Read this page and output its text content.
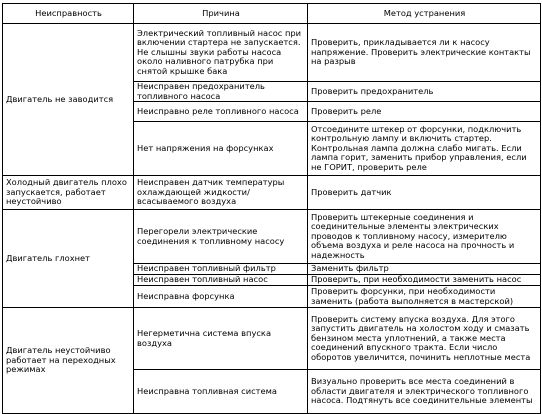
Неисправность	Причина	Метод устранения
Двигатель не заводится	Электрический топливный насос при включении стартера не запускается. Не слышны звуки работы насоса около наливного патрубка при снятой крышке бака	Проверить, прикладывается ли к насосу напряжение. Проверить электрические контакты на разрыв
	Неисправен предохранитель топливного насоса	Проверить предохранитель
	Неисправно реле топливного насоса	Проверить реле
	Нет напряжения на форсунках	Отсоедините штекер от форсунки, подключить контрольную лампу и включить стартер. Контрольная лампа должна слабо мигать. Если лампа горит, заменить прибор управления, если не ГОРИТ, проверить реле
Холодный двигатель плохо запускается, работает неустойчиво	Неисправен датчик температуры охлаждающей жидкости/ всасываемого воздуха	Проверить датчик
Двигатель глохнет	Перегорели электрические соединения к топливному насосу	Проверить штекерные соединения и соединительные элементы электрических проводов к топливному насосу, измерителю объема воздуха и реле насоса на прочность и надежность
	Неисправен топливный фильтр	Заменить фильтр
	Неисправен топливный насос	Проверить, при необходимости заменить насос
	Неисправна форсунка	Проверить форсунки, при необходимости заменить (работа выполняется в мастерской)
Двигатель неустойчиво работает на переходных режимах	Негерметична система впуска воздуха	Проверить систему впуска воздуха. Для этого запустить двигатель на холостом ходу и смазать бензином места уплотнений, а также места соединений впускного тракта. Если число оборотов увеличится, починить неплотные места
	Неисправна топливная система	Визуально проверить все места соединений в области двигателя и электрического топливного насоса. Подтянуть все соединительные элементы
